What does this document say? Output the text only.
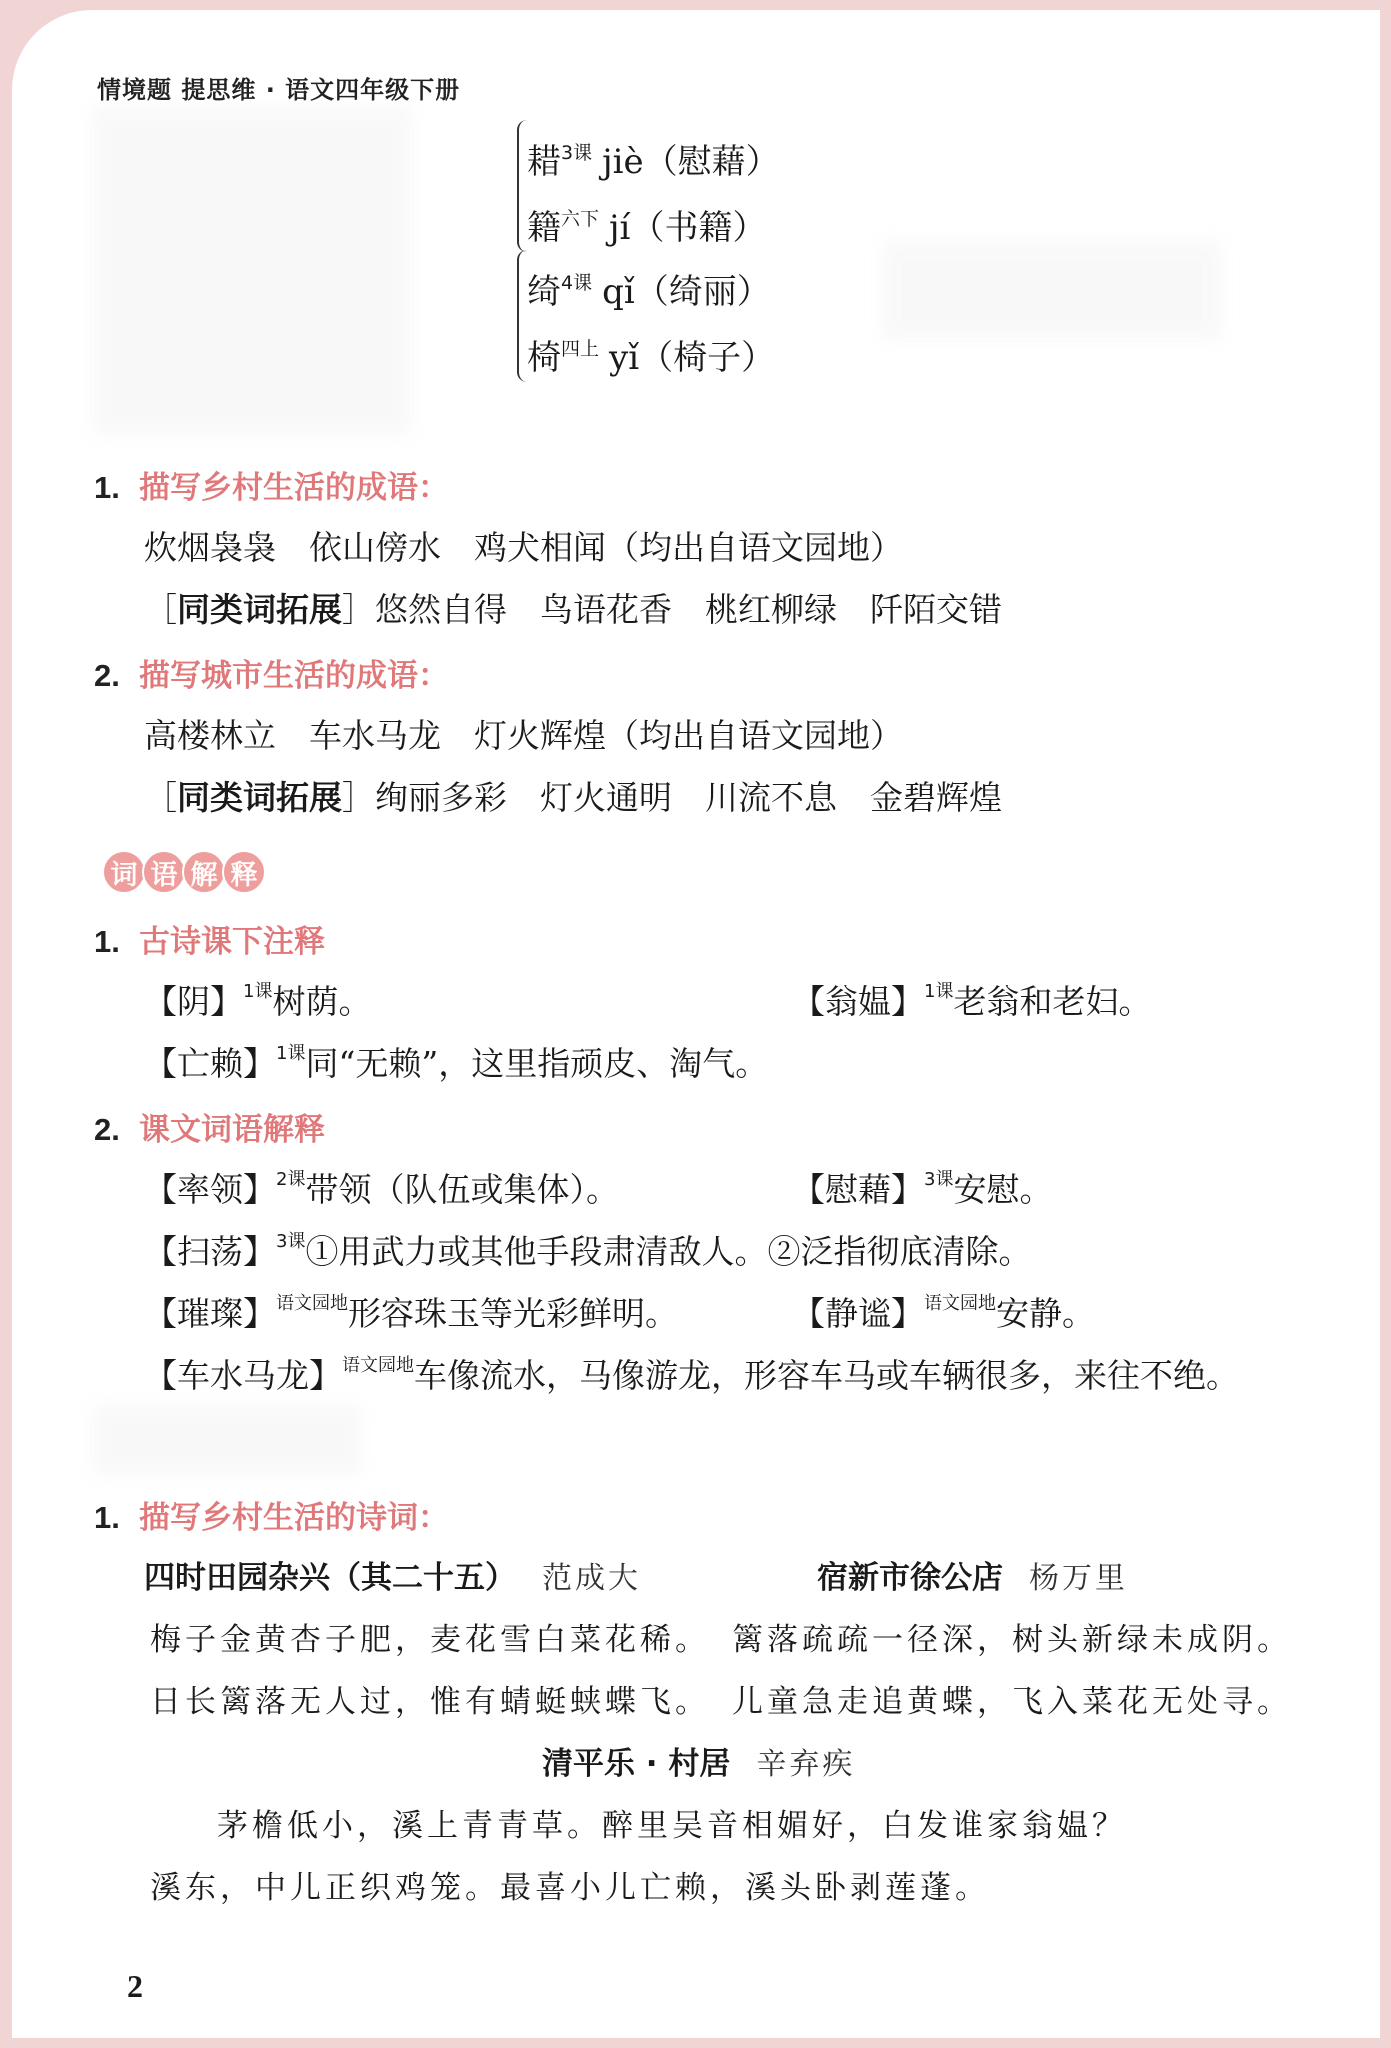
情境题 提思维 · 语文四年级下册
耤$^{3课}$ jiè（慰藉）
籍$^{六下}$ jí（书籍）
绮$^{4课}$ qǐ（绮丽）
椅$^{四上}$ yǐ（椅子）
1. 描写乡村生活的成语：
炊烟袅袅　依山傍水　鸡犬相闻（均出自语文园地）
［同类词拓展］悠然自得　鸟语花香　桃红柳绿　阡陌交错
2. 描写城市生活的成语：
高楼林立　车水马龙　灯火辉煌（均出自语文园地）
［同类词拓展］绚丽多彩　灯火通明　川流不息　金碧辉煌
词 语 解 释
1. 古诗课下注释
【阴】$^{1课}$树荫。	【翁媪】$^{1课}$老翁和老妇。
【亡赖】$^{1课}$同“无赖”，这里指顽皮、淘气。
2. 课文词语解释
【率领】$^{2课}$带领（队伍或集体）。	【慰藉】$^{3课}$安慰。
【扫荡】$^{3课}$①用武力或其他手段肃清敌人。②泛指彻底清除。
【璀璨】$^{语文园地}$形容珠玉等光彩鲜明。	【静谧】$^{语文园地}$安静。
【车水马龙】$^{语文园地}$车像流水，马像游龙，形容车马或车辆很多，来往不绝。
1. 描写乡村生活的诗词：
四时田园杂兴（其二十五） 范成大
梅子金黄杏子肥，麦花雪白菜花稀。
日长篱落无人过，惟有蜻蜓蛱蝶飞。
宿新市徐公店 杨万里
篱落疏疏一径深，树头新绿未成阴。
儿童急走追黄蝶，飞入菜花无处寻。
清平乐 · 村居 辛弃疾
茅檐低小，溪上青青草。醉里吴音相媚好，白发谁家翁媪？
溪东，中儿正织鸡笼。最喜小儿亡赖，溪头卧剥莲蓬。
2
